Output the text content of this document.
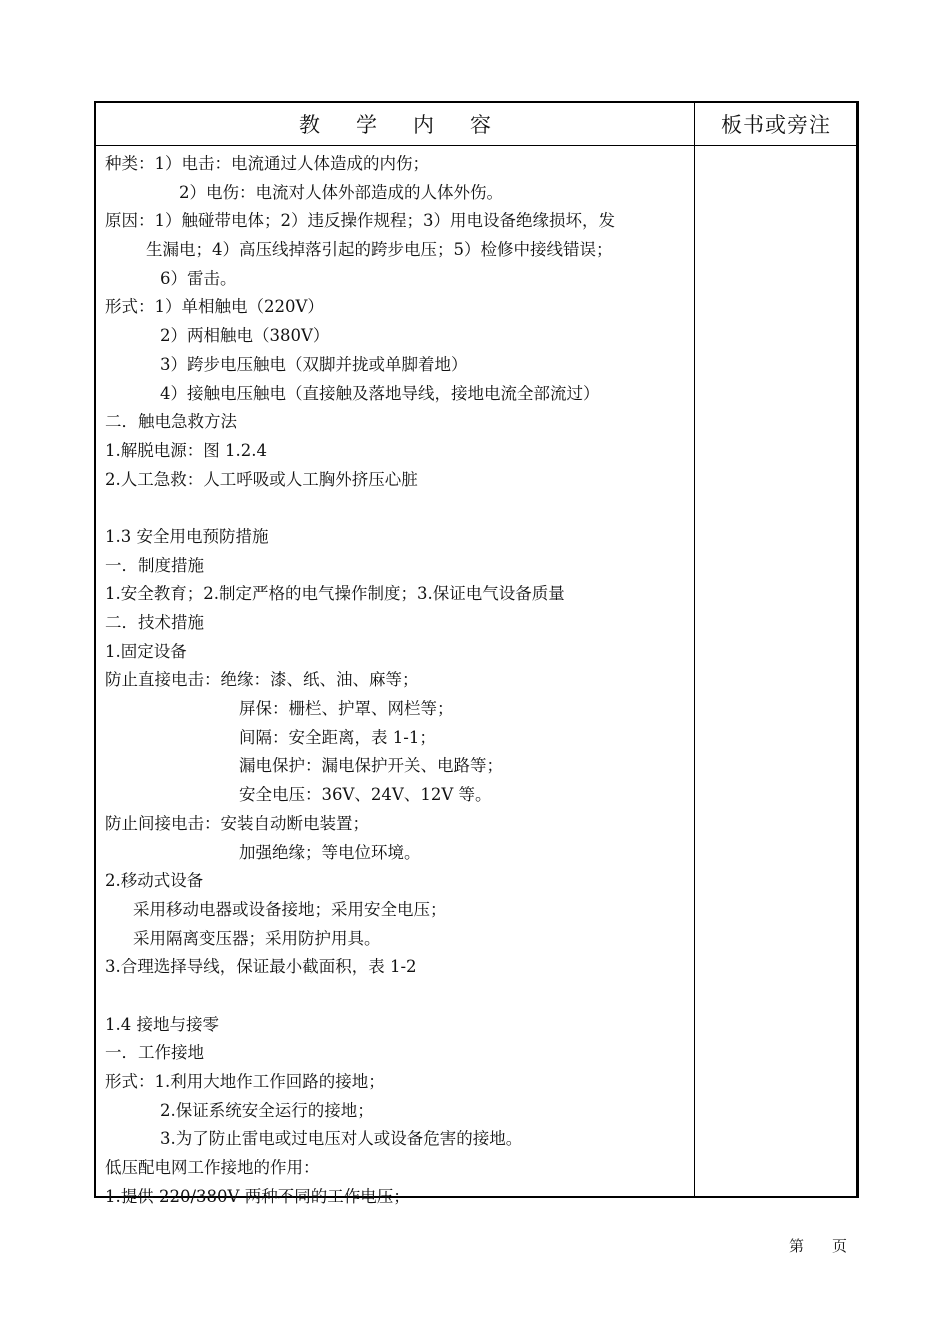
教学内容	板书或旁注
种类：1）电击：电流通过人体造成的内伤；
2）电伤：电流对人体外部造成的人体外伤。
原因：1）触碰带电体；2）违反操作规程；3）用电设备绝缘损坏，发
生漏电；4）高压线掉落引起的跨步电压；5）检修中接线错误；
6）雷击。
形式：1）单相触电（220V）
2）两相触电（380V）
3）跨步电压触电（双脚并拢或单脚着地）
4）接触电压触电（直接触及落地导线，接地电流全部流过）
二．触电急救方法
1.解脱电源：图 1.2.4
2.人工急救：人工呼吸或人工胸外挤压心脏
1.3 安全用电预防措施
一．制度措施
1.安全教育；2.制定严格的电气操作制度；3.保证电气设备质量
二．技术措施
1.固定设备
防止直接电击：绝缘：漆、纸、油、麻等；
屏保：栅栏、护罩、网栏等；
间隔：安全距离，表 1-1；
漏电保护：漏电保护开关、电路等；
安全电压：36V、24V、12V 等。
防止间接电击：安装自动断电装置；
加强绝缘；等电位环境。
2.移动式设备
采用移动电器或设备接地；采用安全电压；
采用隔离变压器；采用防护用具。
3.合理选择导线，保证最小截面积，表 1-2
1.4 接地与接零
一．工作接地
形式：1.利用大地作工作回路的接地；
2.保证系统安全运行的接地；
3.为了防止雷电或过电压对人或设备危害的接地。
低压配电网工作接地的作用：
1.提供 220/380V 两种不同的工作电压；
第 页
